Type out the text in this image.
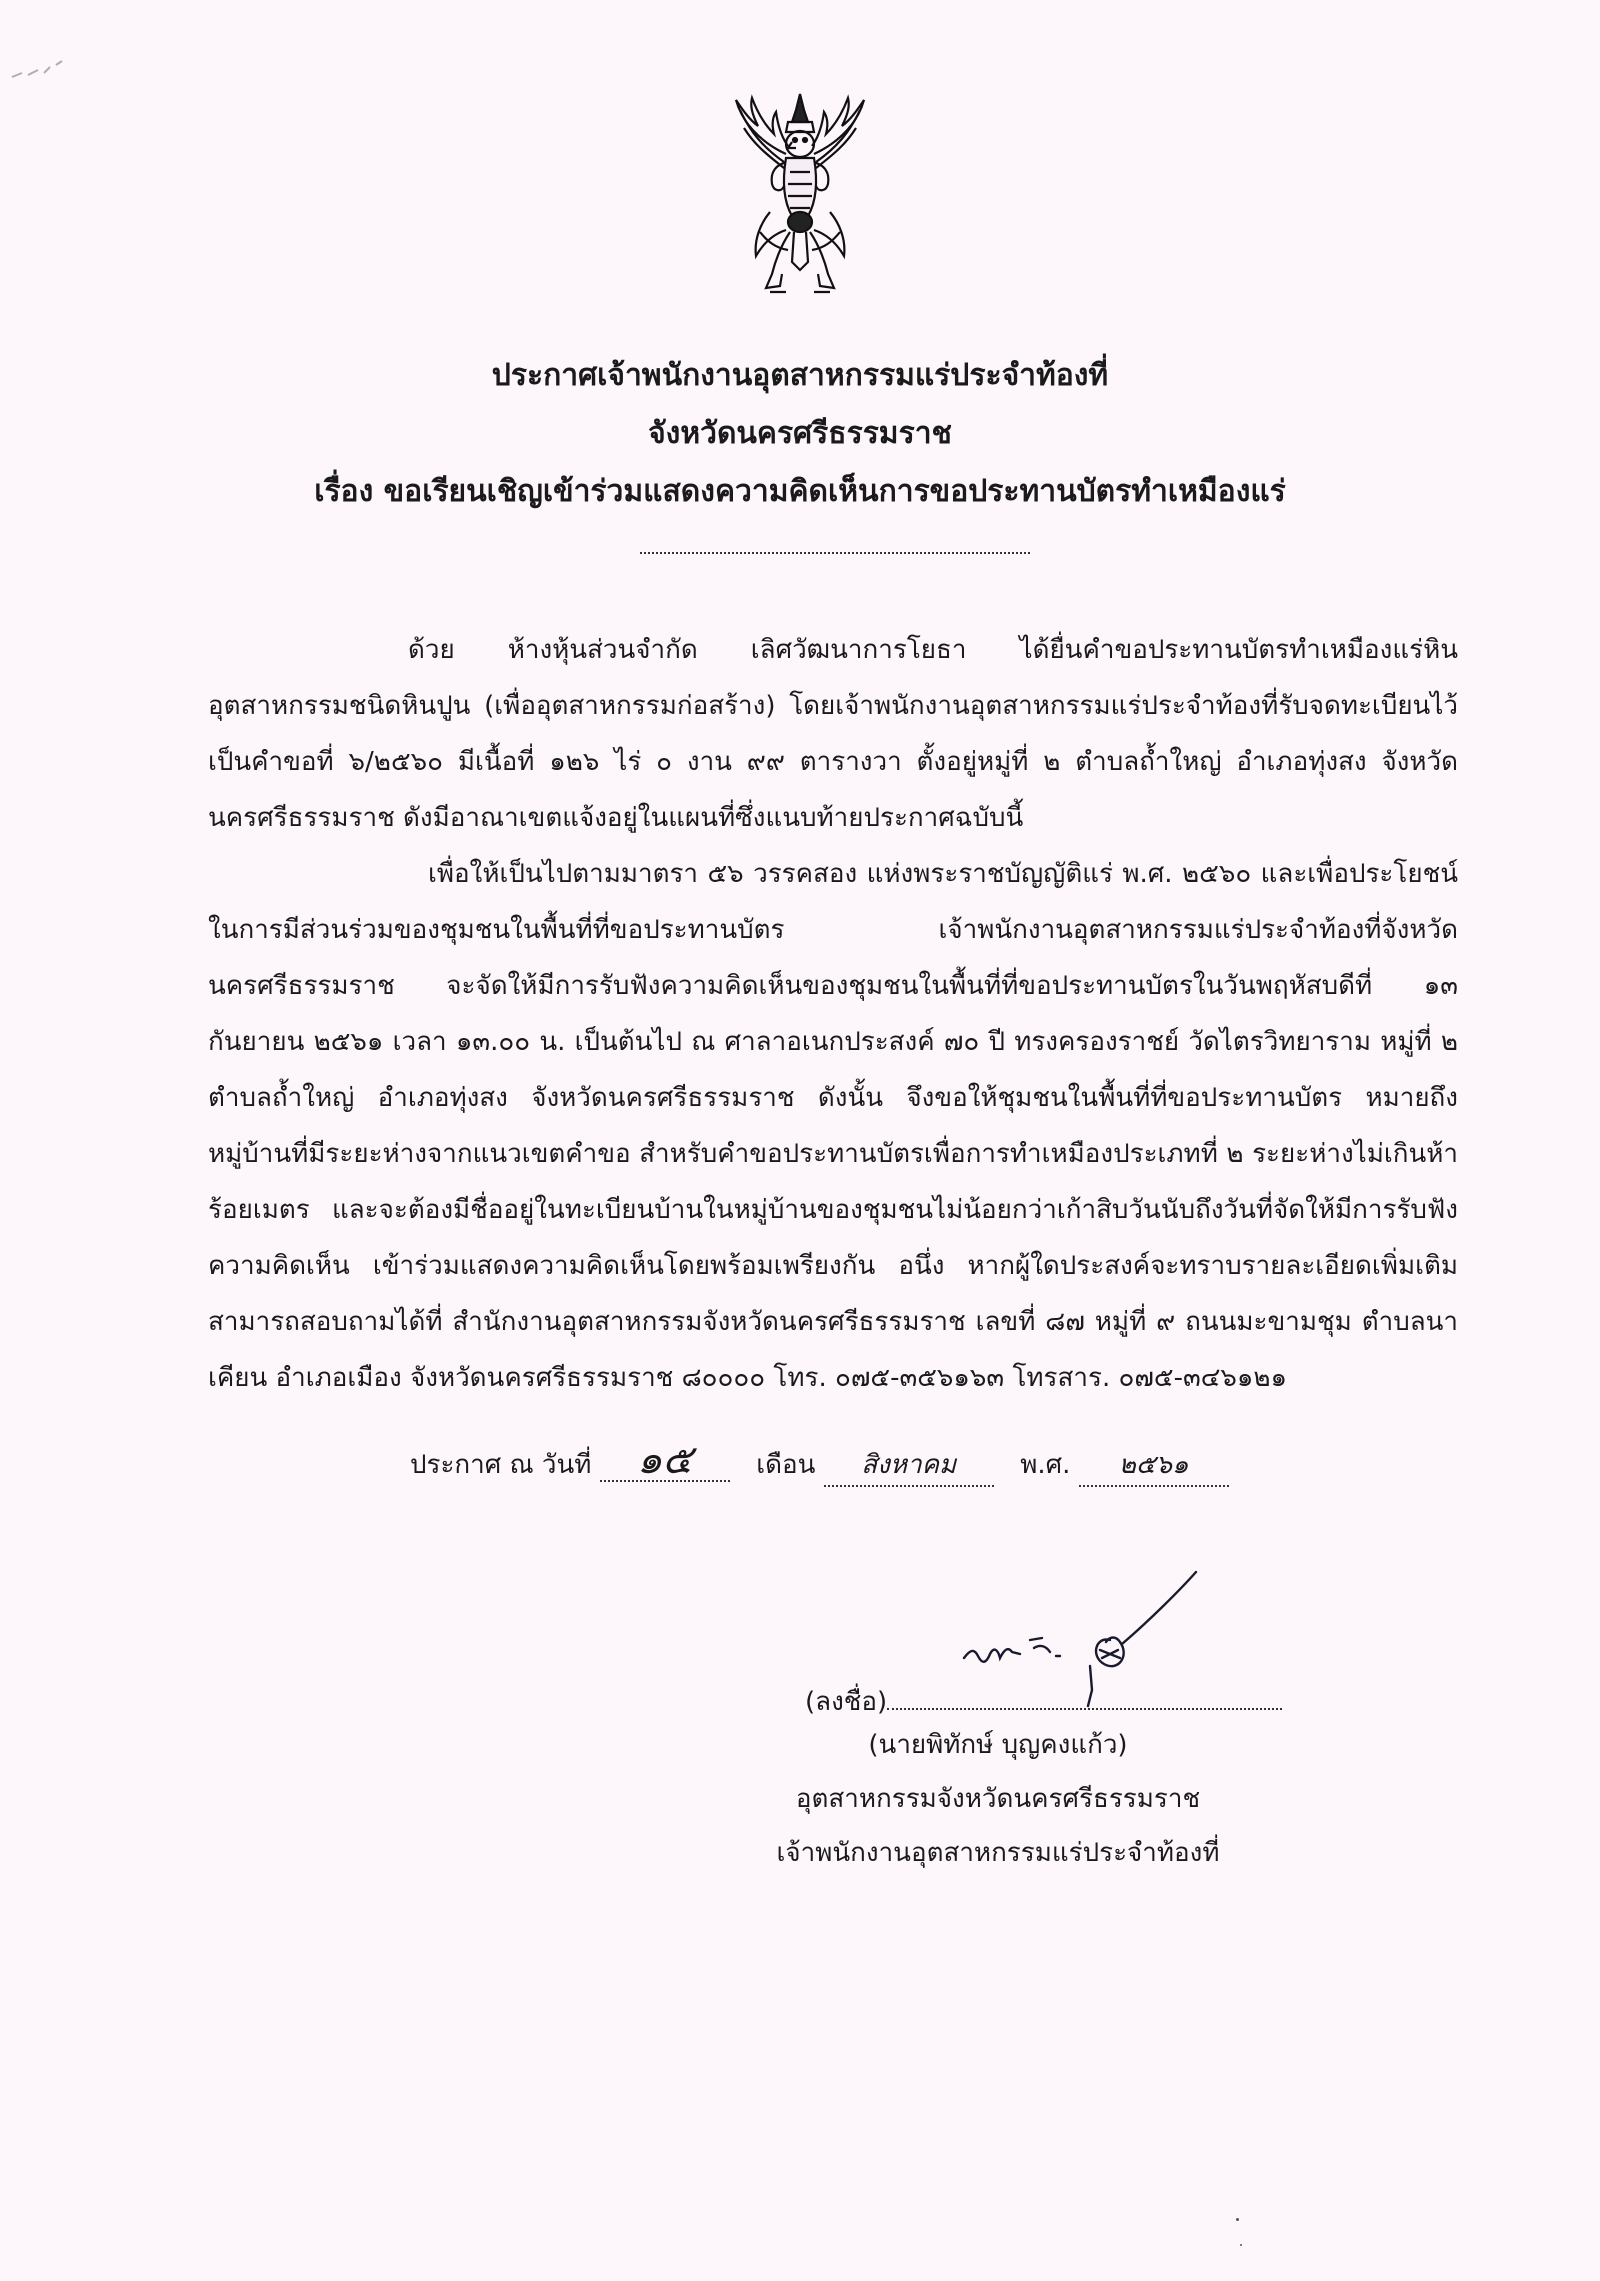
ประกาศเจ้าพนักงานอุตสาหกรรมแร่ประจำท้องที่
จังหวัดนครศรีธรรมราช
เรื่อง ขอเรียนเชิญเข้าร่วมแสดงความคิดเห็นการขอประทานบัตรทำเหมืองแร่

ด้วย ห้างหุ้นส่วนจำกัด เลิศวัฒนาการโยธา ได้ยื่นคำขอประทานบัตรทำเหมืองแร่หินอุตสาหกรรมชนิดหินปูน (เพื่ออุตสาหกรรมก่อสร้าง) โดยเจ้าพนักงานอุตสาหกรรมแร่ประจำท้องที่รับจดทะเบียนไว้เป็นคำขอที่ ๖/๒๕๖๐ มีเนื้อที่ ๑๒๖ ไร่ ๐ งาน ๙๙ ตารางวา ตั้งอยู่หมู่ที่ ๒ ตำบลถ้ำใหญ่ อำเภอทุ่งสง จังหวัดนครศรีธรรมราช ดังมีอาณาเขตแจ้งอยู่ในแผนที่ซึ่งแนบท้ายประกาศฉบับนี้

เพื่อให้เป็นไปตามมาตรา ๕๖ วรรคสอง แห่งพระราชบัญญัติแร่ พ.ศ. ๒๕๖๐ และเพื่อประโยชน์ในการมีส่วนร่วมของชุมชนในพื้นที่ที่ขอประทานบัตร เจ้าพนักงานอุตสาหกรรมแร่ประจำท้องที่จังหวัดนครศรีธรรมราช จะจัดให้มีการรับฟังความคิดเห็นของชุมชนในพื้นที่ที่ขอประทานบัตรในวันพฤหัสบดีที่ ๑๓ กันยายน ๒๕๖๑ เวลา ๑๓.๐๐ น. เป็นต้นไป ณ ศาลาอเนกประสงค์ ๗๐ ปี ทรงครองราชย์ วัดไตรวิทยาราม หมู่ที่ ๒ ตำบลถ้ำใหญ่ อำเภอทุ่งสง จังหวัดนครศรีธรรมราช ดังนั้น จึงขอให้ชุมชนในพื้นที่ที่ขอประทานบัตร หมายถึง หมู่บ้านที่มีระยะห่างจากแนวเขตคำขอ สำหรับคำขอประทานบัตรเพื่อการทำเหมืองประเภทที่ ๒ ระยะห่างไม่เกินห้าร้อยเมตร และจะต้องมีชื่ออยู่ในทะเบียนบ้านในหมู่บ้านของชุมชนไม่น้อยกว่าเก้าสิบวันนับถึงวันที่จัดให้มีการรับฟังความคิดเห็น เข้าร่วมแสดงความคิดเห็นโดยพร้อมเพรียงกัน อนึ่ง หากผู้ใดประสงค์จะทราบรายละเอียดเพิ่มเติมสามารถสอบถามได้ที่ สำนักงานอุตสาหกรรมจังหวัดนครศรีธรรมราช เลขที่ ๘๗ หมู่ที่ ๙ ถนนมะขามชุม ตำบลนาเคียน อำเภอเมือง จังหวัดนครศรีธรรมราช ๘๐๐๐๐ โทร. ๐๗๕-๓๕๖๑๖๓ โทรสาร. ๐๗๕-๓๔๖๑๒๑

ประกาศ ณ วันที่ ๑๕ เดือน สิงหาคม พ.ศ. ๒๕๖๑
(ลงชื่อ)
(นายพิทักษ์ บุญคงแก้ว)
อุตสาหกรรมจังหวัดนครศรีธรรมราช
เจ้าพนักงานอุตสาหกรรมแร่ประจำท้องที่
